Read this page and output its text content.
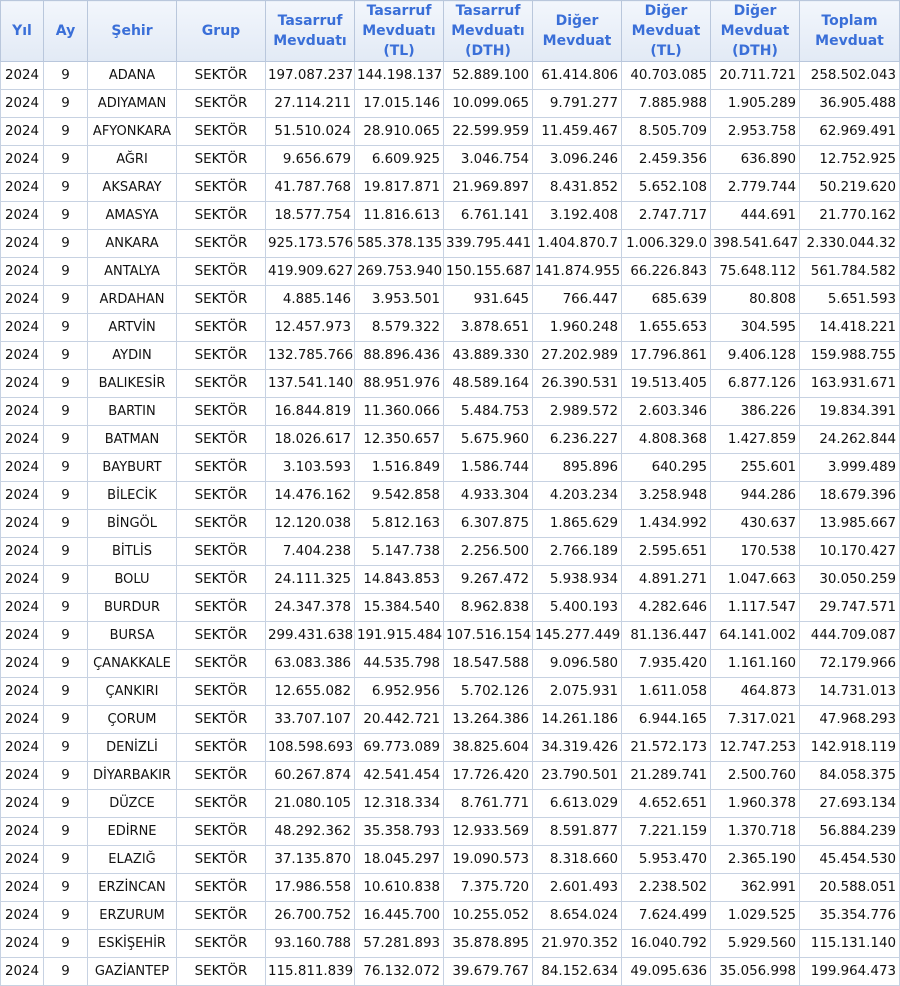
Yıl	Ay	Şehir	Grup	Tasarruf Mevduatı	Tasarruf Mevduatı (TL)	Tasarruf Mevduatı (DTH)	Diğer Mevduat	Diğer Mevduat (TL)	Diğer Mevduat (DTH)	Toplam Mevduat
2024	9	ADANA	SEKTÖR	197.087.237	144.198.137	52.889.100	61.414.806	40.703.085	20.711.721	258.502.043
2024	9	ADIYAMAN	SEKTÖR	27.114.211	17.015.146	10.099.065	9.791.277	7.885.988	1.905.289	36.905.488
2024	9	AFYONKARA	SEKTÖR	51.510.024	28.910.065	22.599.959	11.459.467	8.505.709	2.953.758	62.969.491
2024	9	AĞRI	SEKTÖR	9.656.679	6.609.925	3.046.754	3.096.246	2.459.356	636.890	12.752.925
2024	9	AKSARAY	SEKTÖR	41.787.768	19.817.871	21.969.897	8.431.852	5.652.108	2.779.744	50.219.620
2024	9	AMASYA	SEKTÖR	18.577.754	11.816.613	6.761.141	3.192.408	2.747.717	444.691	21.770.162
2024	9	ANKARA	SEKTÖR	925.173.576	585.378.135	339.795.441	1.404.870.7	1.006.329.0	398.541.647	2.330.044.32
2024	9	ANTALYA	SEKTÖR	419.909.627	269.753.940	150.155.687	141.874.955	66.226.843	75.648.112	561.784.582
2024	9	ARDAHAN	SEKTÖR	4.885.146	3.953.501	931.645	766.447	685.639	80.808	5.651.593
2024	9	ARTVİN	SEKTÖR	12.457.973	8.579.322	3.878.651	1.960.248	1.655.653	304.595	14.418.221
2024	9	AYDIN	SEKTÖR	132.785.766	88.896.436	43.889.330	27.202.989	17.796.861	9.406.128	159.988.755
2024	9	BALIKESİR	SEKTÖR	137.541.140	88.951.976	48.589.164	26.390.531	19.513.405	6.877.126	163.931.671
2024	9	BARTIN	SEKTÖR	16.844.819	11.360.066	5.484.753	2.989.572	2.603.346	386.226	19.834.391
2024	9	BATMAN	SEKTÖR	18.026.617	12.350.657	5.675.960	6.236.227	4.808.368	1.427.859	24.262.844
2024	9	BAYBURT	SEKTÖR	3.103.593	1.516.849	1.586.744	895.896	640.295	255.601	3.999.489
2024	9	BİLECİK	SEKTÖR	14.476.162	9.542.858	4.933.304	4.203.234	3.258.948	944.286	18.679.396
2024	9	BİNGÖL	SEKTÖR	12.120.038	5.812.163	6.307.875	1.865.629	1.434.992	430.637	13.985.667
2024	9	BİTLİS	SEKTÖR	7.404.238	5.147.738	2.256.500	2.766.189	2.595.651	170.538	10.170.427
2024	9	BOLU	SEKTÖR	24.111.325	14.843.853	9.267.472	5.938.934	4.891.271	1.047.663	30.050.259
2024	9	BURDUR	SEKTÖR	24.347.378	15.384.540	8.962.838	5.400.193	4.282.646	1.117.547	29.747.571
2024	9	BURSA	SEKTÖR	299.431.638	191.915.484	107.516.154	145.277.449	81.136.447	64.141.002	444.709.087
2024	9	ÇANAKKALE	SEKTÖR	63.083.386	44.535.798	18.547.588	9.096.580	7.935.420	1.161.160	72.179.966
2024	9	ÇANKIRI	SEKTÖR	12.655.082	6.952.956	5.702.126	2.075.931	1.611.058	464.873	14.731.013
2024	9	ÇORUM	SEKTÖR	33.707.107	20.442.721	13.264.386	14.261.186	6.944.165	7.317.021	47.968.293
2024	9	DENİZLİ	SEKTÖR	108.598.693	69.773.089	38.825.604	34.319.426	21.572.173	12.747.253	142.918.119
2024	9	DİYARBAKIR	SEKTÖR	60.267.874	42.541.454	17.726.420	23.790.501	21.289.741	2.500.760	84.058.375
2024	9	DÜZCE	SEKTÖR	21.080.105	12.318.334	8.761.771	6.613.029	4.652.651	1.960.378	27.693.134
2024	9	EDİRNE	SEKTÖR	48.292.362	35.358.793	12.933.569	8.591.877	7.221.159	1.370.718	56.884.239
2024	9	ELAZIĞ	SEKTÖR	37.135.870	18.045.297	19.090.573	8.318.660	5.953.470	2.365.190	45.454.530
2024	9	ERZİNCAN	SEKTÖR	17.986.558	10.610.838	7.375.720	2.601.493	2.238.502	362.991	20.588.051
2024	9	ERZURUM	SEKTÖR	26.700.752	16.445.700	10.255.052	8.654.024	7.624.499	1.029.525	35.354.776
2024	9	ESKİŞEHİR	SEKTÖR	93.160.788	57.281.893	35.878.895	21.970.352	16.040.792	5.929.560	115.131.140
2024	9	GAZİANTEP	SEKTÖR	115.811.839	76.132.072	39.679.767	84.152.634	49.095.636	35.056.998	199.964.473
